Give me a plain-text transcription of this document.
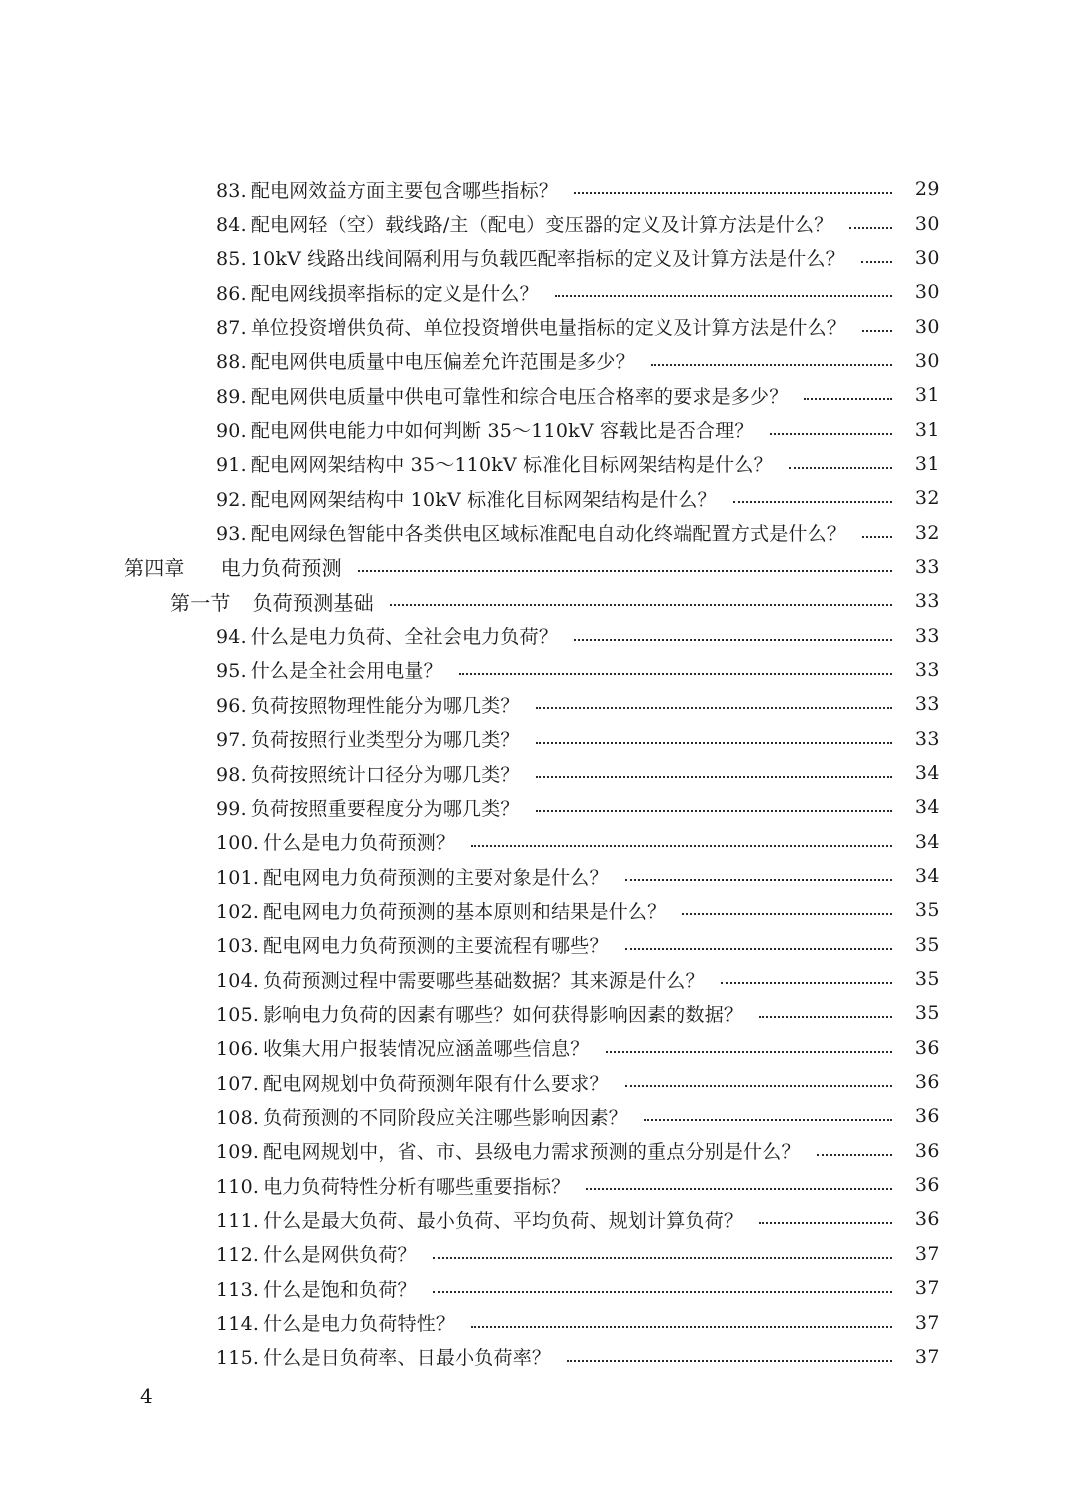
83. 配电网效益方面主要包含哪些指标？	29
84. 配电网轻（空）载线路/主（配电）变压器的定义及计算方法是什么？	30
85. 10kV 线路出线间隔利用与负载匹配率指标的定义及计算方法是什么？	30
86. 配电网线损率指标的定义是什么？	30
87. 单位投资增供负荷、单位投资增供电量指标的定义及计算方法是什么？	30
88. 配电网供电质量中电压偏差允许范围是多少？	30
89. 配电网供电质量中供电可靠性和综合电压合格率的要求是多少？	31
90. 配电网供电能力中如何判断 35～110kV 容载比是否合理？	31
91. 配电网网架结构中 35～110kV 标准化目标网架结构是什么？	31
92. 配电网网架结构中 10kV 标准化目标网架结构是什么？	32
93. 配电网绿色智能中各类供电区域标准配电自动化终端配置方式是什么？	32
第四章 电力负荷预测	33
第一节 负荷预测基础	33
94. 什么是电力负荷、全社会电力负荷？	33
95. 什么是全社会用电量？	33
96. 负荷按照物理性能分为哪几类？	33
97. 负荷按照行业类型分为哪几类？	33
98. 负荷按照统计口径分为哪几类？	34
99. 负荷按照重要程度分为哪几类？	34
100. 什么是电力负荷预测？	34
101. 配电网电力负荷预测的主要对象是什么？	34
102. 配电网电力负荷预测的基本原则和结果是什么？	35
103. 配电网电力负荷预测的主要流程有哪些？	35
104. 负荷预测过程中需要哪些基础数据？其来源是什么？	35
105. 影响电力负荷的因素有哪些？如何获得影响因素的数据？	35
106. 收集大用户报装情况应涵盖哪些信息？	36
107. 配电网规划中负荷预测年限有什么要求？	36
108. 负荷预测的不同阶段应关注哪些影响因素？	36
109. 配电网规划中，省、市、县级电力需求预测的重点分别是什么？	36
110. 电力负荷特性分析有哪些重要指标？	36
111. 什么是最大负荷、最小负荷、平均负荷、规划计算负荷？	36
112. 什么是网供负荷？	37
113. 什么是饱和负荷？	37
114. 什么是电力负荷特性？	37
115. 什么是日负荷率、日最小负荷率？	37
4
